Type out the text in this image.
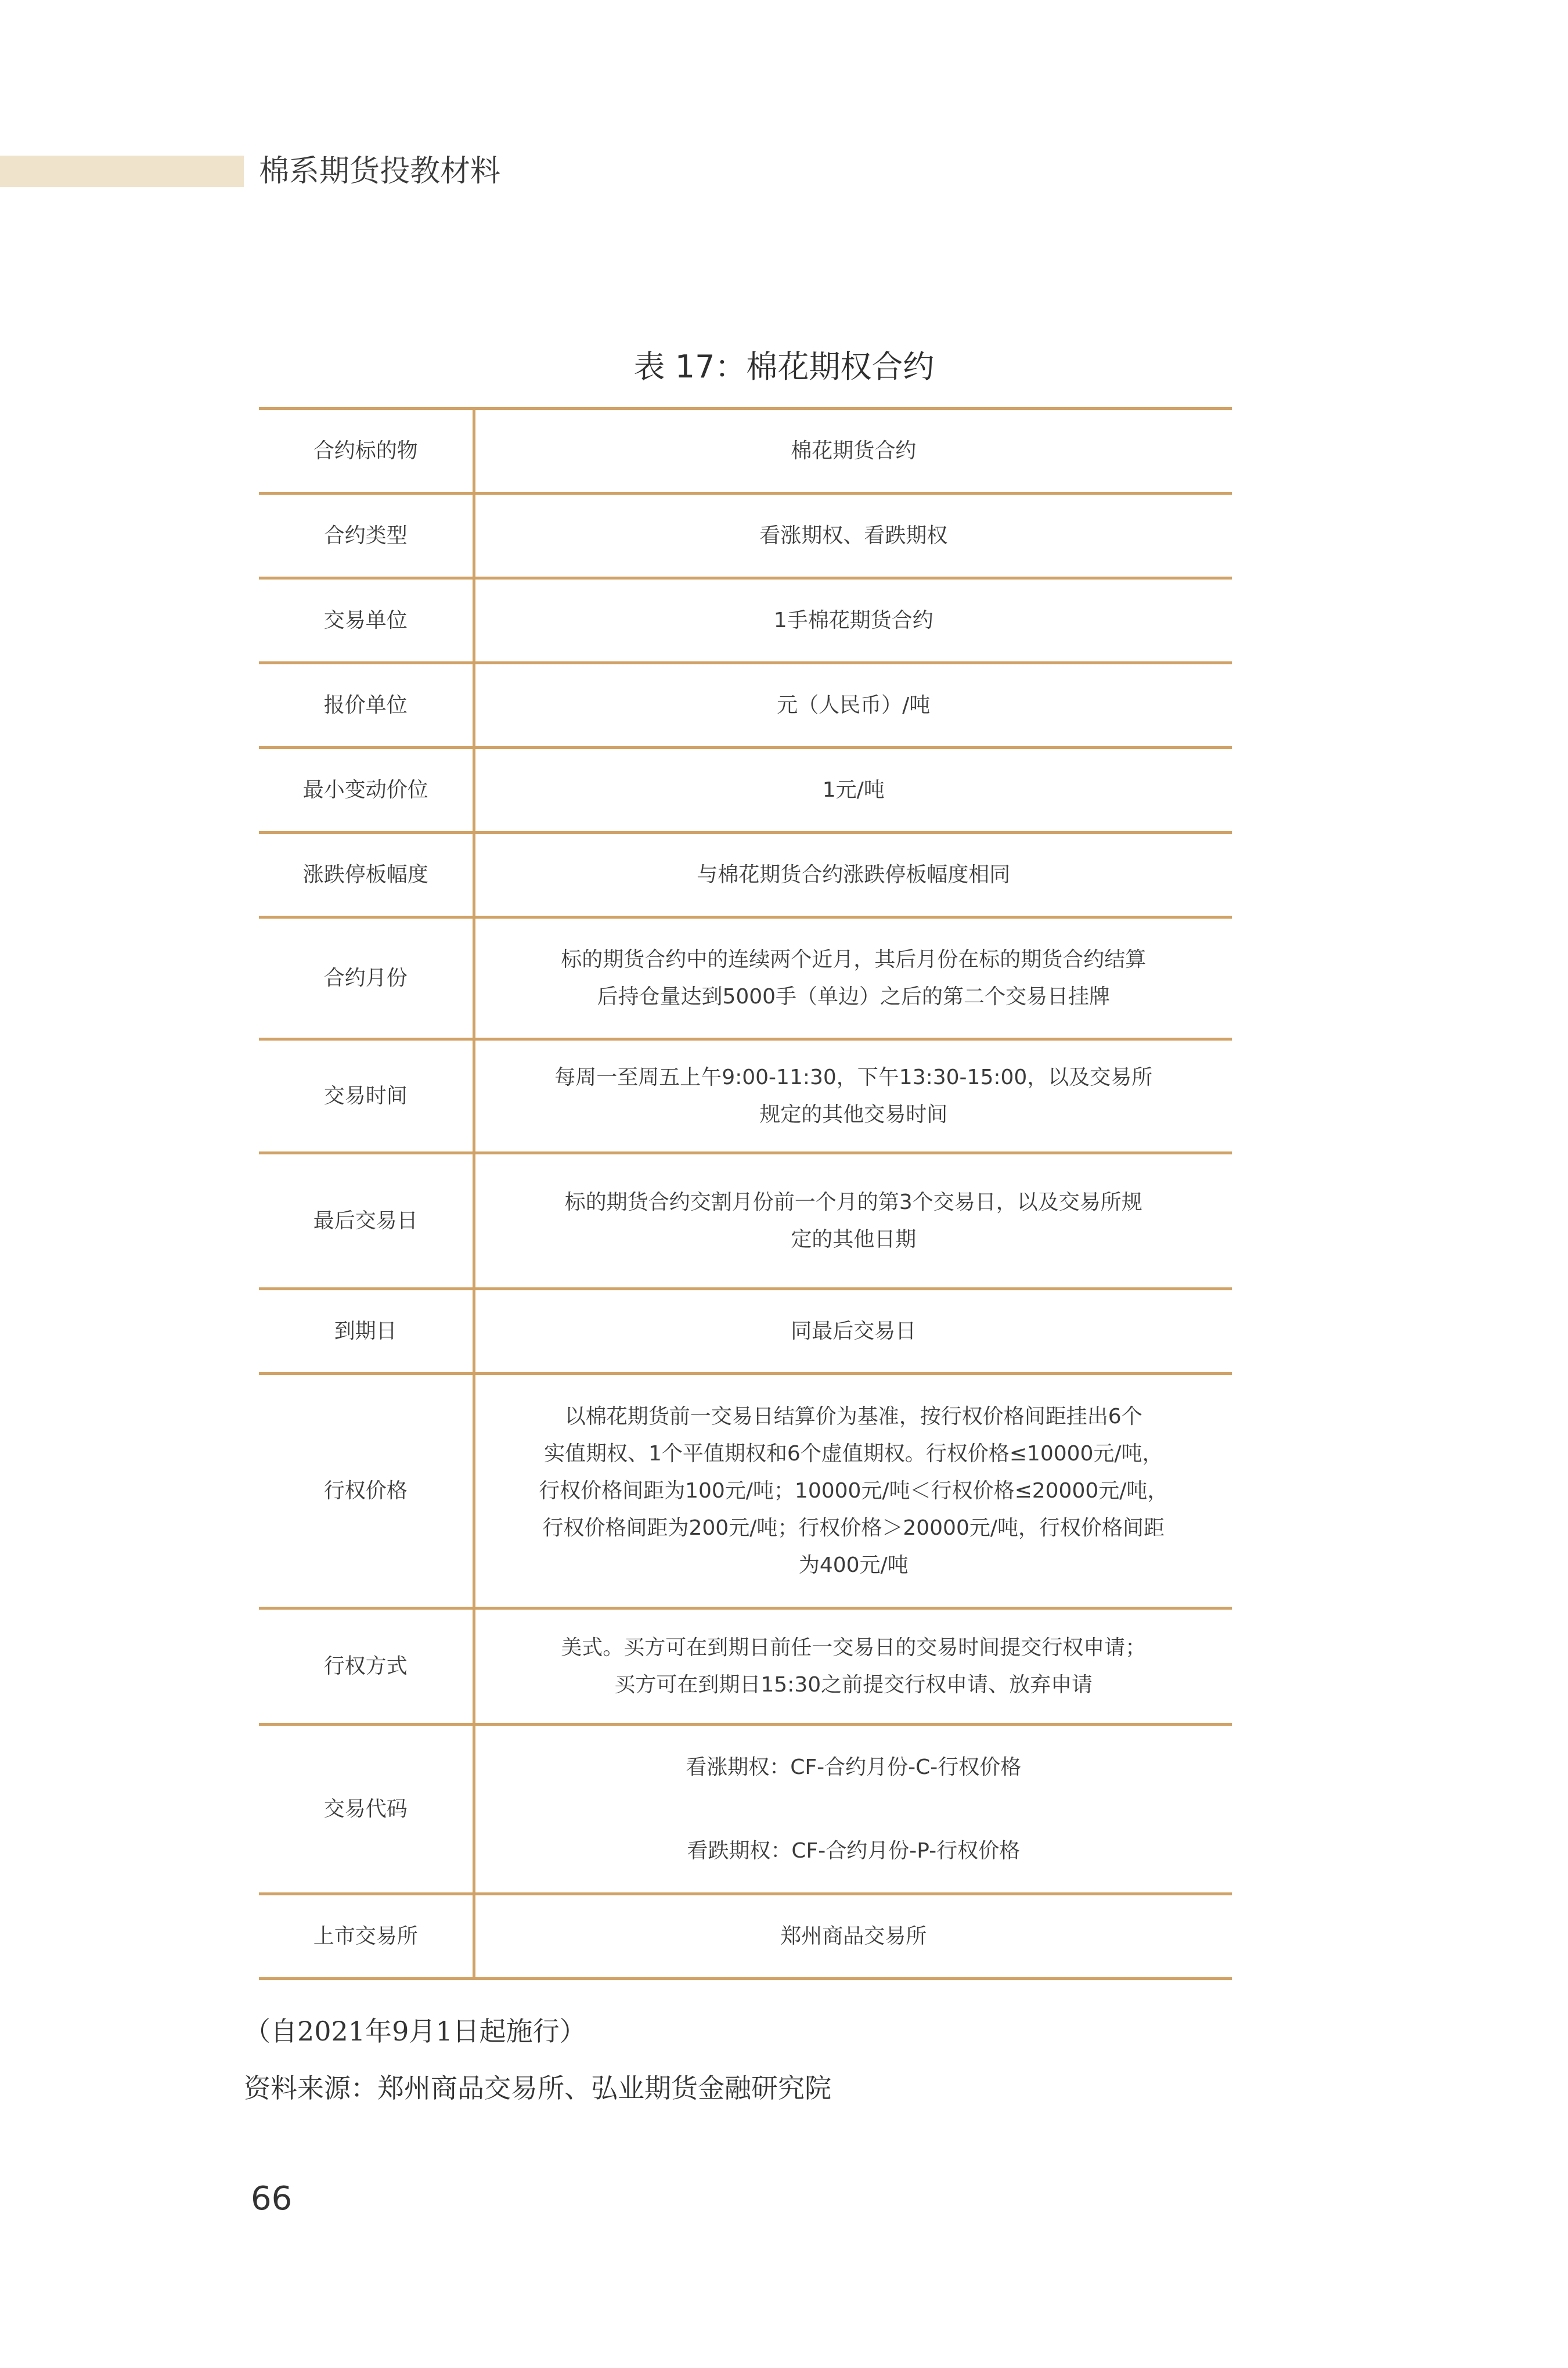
棉系期货投教材料
表 17：棉花期权合约
合约标的物	棉花期货合约

合约类型	看涨期权、看跌期权

交易单位	1手棉花期货合约

报价单位	元（人民币）/吨

最小变动价位	1元/吨

涨跌停板幅度	与棉花期货合约涨跌停板幅度相同

合约月份	标的期货合约中的连续两个近月，其后月份在标的期货合约结算
后持仓量达到5000手（单边）之后的第二个交易日挂牌

交易时间	每周一至周五上午9:00-11:30，下午13:30-15:00，以及交易所
规定的其他交易时间

最后交易日	标的期货合约交割月份前一个月的第3个交易日，以及交易所规
定的其他日期

到期日	同最后交易日

行权价格	以棉花期货前一交易日结算价为基准，按行权价格间距挂出6个
实值期权、1个平值期权和6个虚值期权。行权价格≤10000元/吨，
行权价格间距为100元/吨；10000元/吨＜行权价格≤20000元/吨，
行权价格间距为200元/吨；行权价格＞20000元/吨，行权价格间距
为400元/吨

行权方式	美式。买方可在到期日前任一交易日的交易时间提交行权申请；
买方可在到期日15:30之前提交行权申请、放弃申请

交易代码	看涨期权：CF-合约月份-C-行权价格
看跌期权：CF-合约月份-P-行权价格

上市交易所	郑州商品交易所
（自2021年9月1日起施行）
资料来源：郑州商品交易所、弘业期货金融研究院
66
